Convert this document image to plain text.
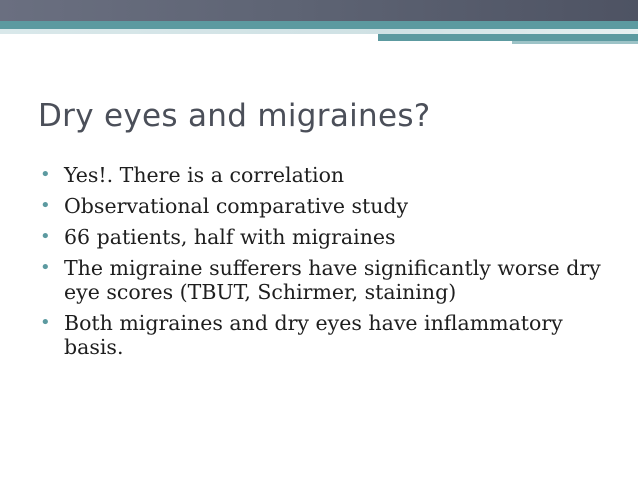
Dry eyes and migraines?
• Yes!. There is a correlation
• Observational comparative study
• 66 patients, half with migraines
• The migraine sufferers have significantly worse dry eye scores (TBUT, Schirmer, staining)
• Both migraines and dry eyes have inflammatory basis.
